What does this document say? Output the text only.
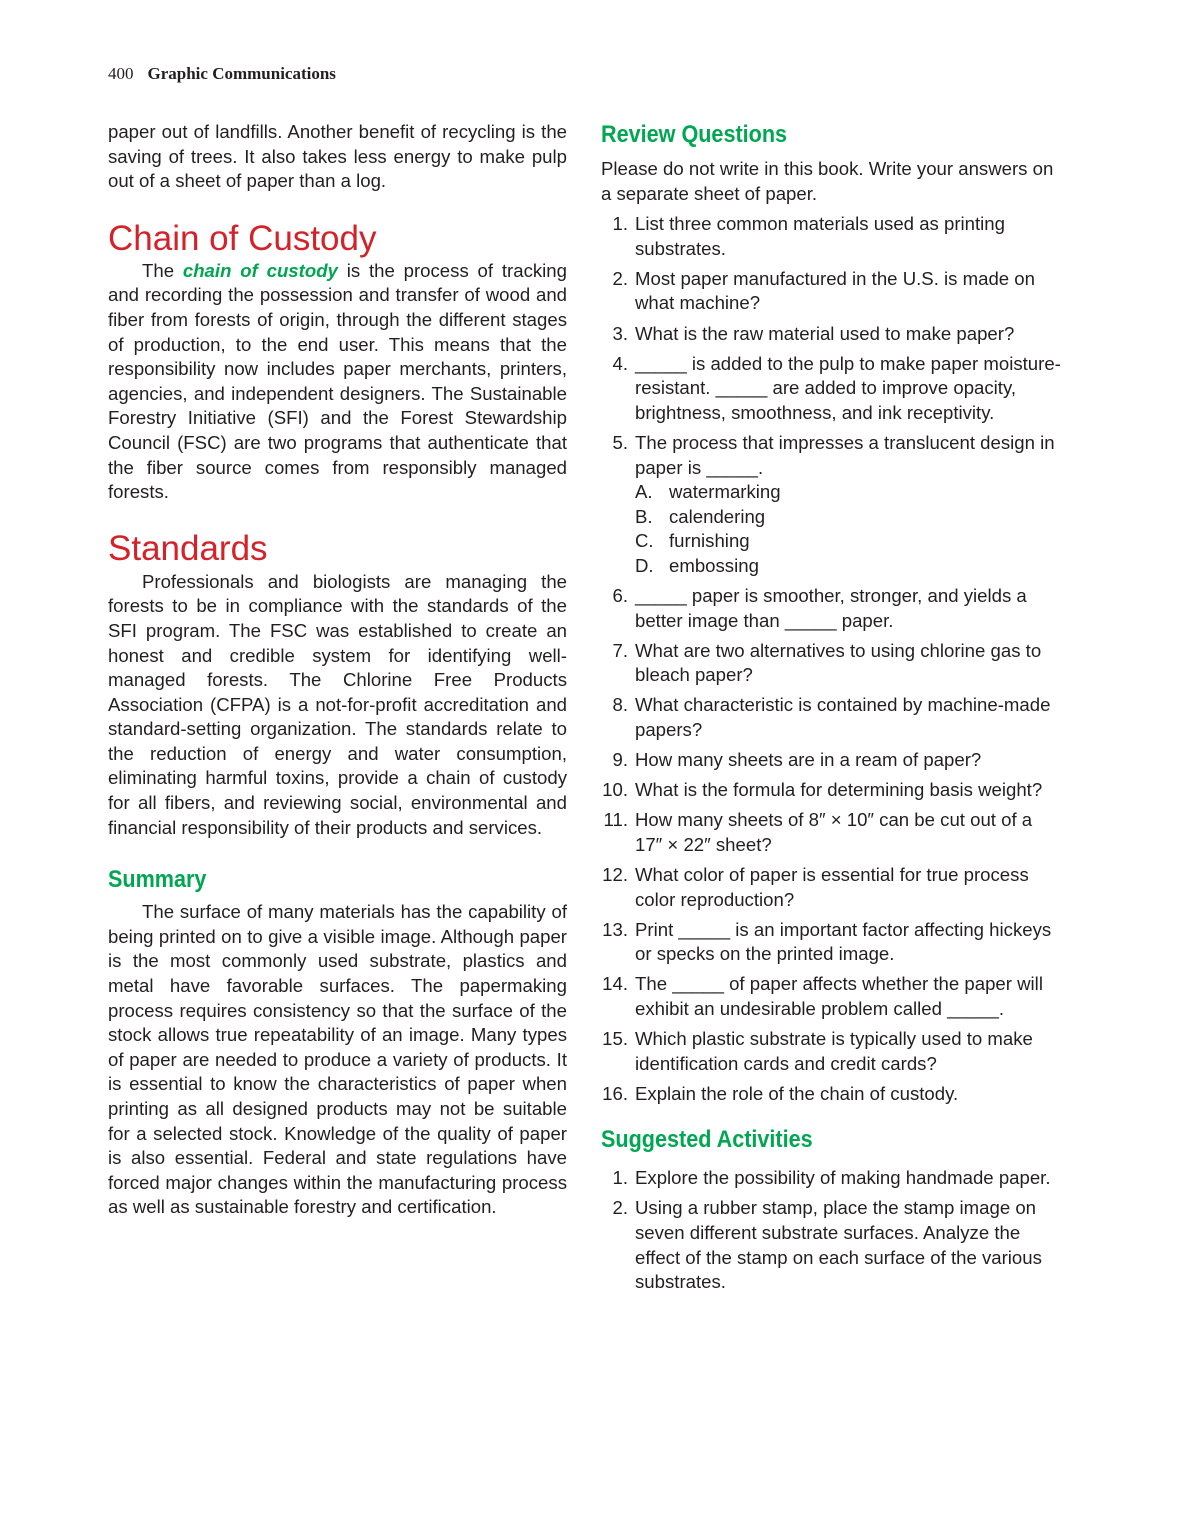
400 Graphic Communications

paper out of landfills. Another benefit of recycling is the saving of trees. It also takes less energy to make pulp out of a sheet of paper than a log.

Chain of Custody

The chain of custody is the process of tracking and recording the possession and transfer of wood and fiber from forests of origin, through the different stages of production, to the end user. This means that the responsibility now includes paper merchants, printers, agencies, and independent designers. The Sustainable Forestry Initiative (SFI) and the Forest Stewardship Council (FSC) are two programs that authenticate that the fiber source comes from responsibly managed forests.

Standards

Professionals and biologists are managing the forests to be in compliance with the standards of the SFI program. The FSC was established to create an honest and credible system for identifying well-managed forests. The Chlorine Free Products Association (CFPA) is a not-for-profit accreditation and standard-setting organization. The standards relate to the reduction of energy and water consumption, eliminating harmful toxins, provide a chain of custody for all fibers, and reviewing social, environmental and financial responsibility of their products and services.

Summary

The surface of many materials has the capability of being printed on to give a visible image. Although paper is the most commonly used substrate, plastics and metal have favorable surfaces. The papermaking process requires consistency so that the surface of the stock allows true repeatability of an image. Many types of paper are needed to produce a variety of products. It is essential to know the characteristics of paper when printing as all designed products may not be suitable for a selected stock. Knowledge of the quality of paper is also essential. Federal and state regulations have forced major changes within the manufacturing process as well as sustainable forestry and certification.

Review Questions

Please do not write in this book. Write your answers on a separate sheet of paper.

1. List three common materials used as printing substrates.
2. Most paper manufactured in the U.S. is made on what machine?
3. What is the raw material used to make paper?
4. _____ is added to the pulp to make paper moisture-resistant. _____ are added to improve opacity, brightness, smoothness, and ink receptivity.
5. The process that impresses a translucent design in paper is _____.
A. watermarking
B. calendering
C. furnishing
D. embossing
6. _____ paper is smoother, stronger, and yields a better image than _____ paper.
7. What are two alternatives to using chlorine gas to bleach paper?
8. What characteristic is contained by machine-made papers?
9. How many sheets are in a ream of paper?
10. What is the formula for determining basis weight?
11. How many sheets of 8″ × 10″ can be cut out of a 17″ × 22″ sheet?
12. What color of paper is essential for true process color reproduction?
13. Print _____ is an important factor affecting hickeys or specks on the printed image.
14. The _____ of paper affects whether the paper will exhibit an undesirable problem called _____.
15. Which plastic substrate is typically used to make identification cards and credit cards?
16. Explain the role of the chain of custody.
Suggested Activities
1. Explore the possibility of making handmade paper.
2. Using a rubber stamp, place the stamp image on seven different substrate surfaces. Analyze the effect of the stamp on each surface of the various substrates.
